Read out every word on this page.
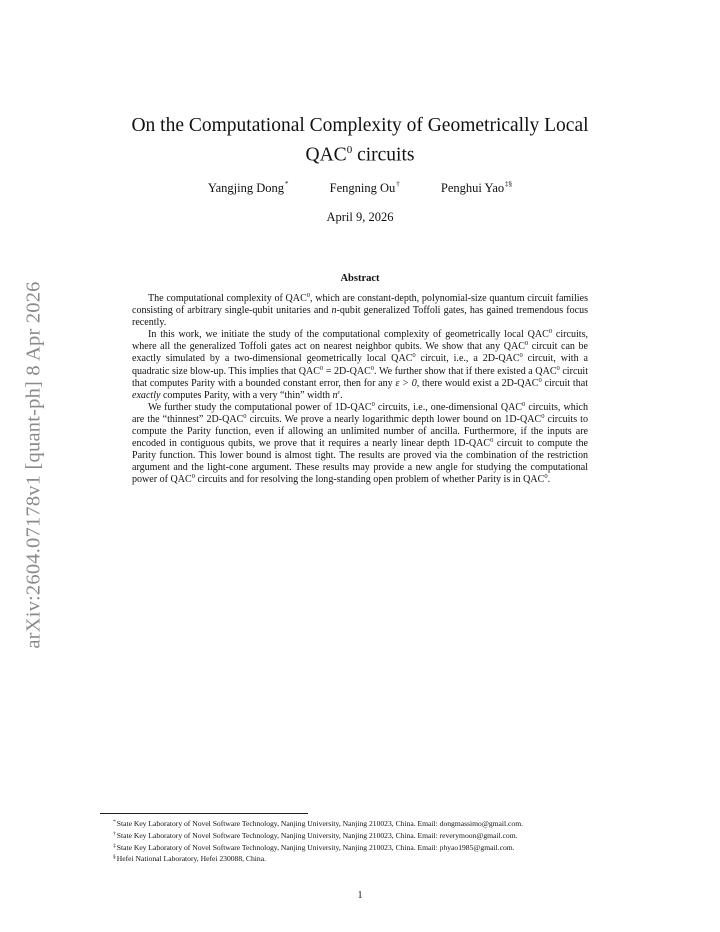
arXiv:2604.07178v1 [quant-ph] 8 Apr 2026
On the Computational Complexity of Geometrically Local
QAC$^0$ circuits
Yangjing Dong*	Fengning Ou†	Penghui Yao‡§
April 9, 2026
Abstract

The computational complexity of QAC$^0$, which are constant-depth, polynomial-size quantum circuit families consisting of arbitrary single-qubit unitaries and n-qubit generalized Toffoli gates, has gained tremendous focus recently.

In this work, we initiate the study of the computational complexity of geometrically local QAC$^0$ circuits, where all the generalized Toffoli gates act on nearest neighbor qubits. We show that any QAC$^0$ circuit can be exactly simulated by a two-dimensional geometrically local QAC$^0$ circuit, i.e., a 2D-QAC$^0$ circuit, with a quadratic size blow-up. This implies that $QAC^0 = 2D-QAC^0$. We further show that if there existed a QAC$^0$ circuit that computes Parity with a bounded constant error, then for any ε > 0, there would exist a 2D-QAC$^0$ circuit that exactly computes Parity, with a very “thin” width $n^\varepsilon$.

We further study the computational power of 1D-QAC$^0$ circuits, i.e., one-dimensional QAC$^0$ circuits, which are the “thinnest” 2D-QAC$^0$ circuits. We prove a nearly logarithmic depth lower bound on 1D-QAC$^0$ circuits to compute the Parity function, even if allowing an unlimited number of ancilla. Furthermore, if the inputs are encoded in contiguous qubits, we prove that it requires a nearly linear depth 1D-QAC$^0$ circuit to compute the Parity function. This lower bound is almost tight. The results are proved via the combination of the restriction argument and the light-cone argument. These results may provide a new angle for studying the computational power of QAC$^0$ circuits and for resolving the long-standing open problem of whether Parity is in QAC$^0$.

*State Key Laboratory of Novel Software Technology, Nanjing University, Nanjing 210023, China. Email: dongmassimo@gmail.com.
†State Key Laboratory of Novel Software Technology, Nanjing University, Nanjing 210023, China. Email: reverymoon@gmail.com.
‡State Key Laboratory of Novel Software Technology, Nanjing University, Nanjing 210023, China. Email: phyao1985@gmail.com.
§Hefei National Laboratory, Hefei 230088, China.
1
